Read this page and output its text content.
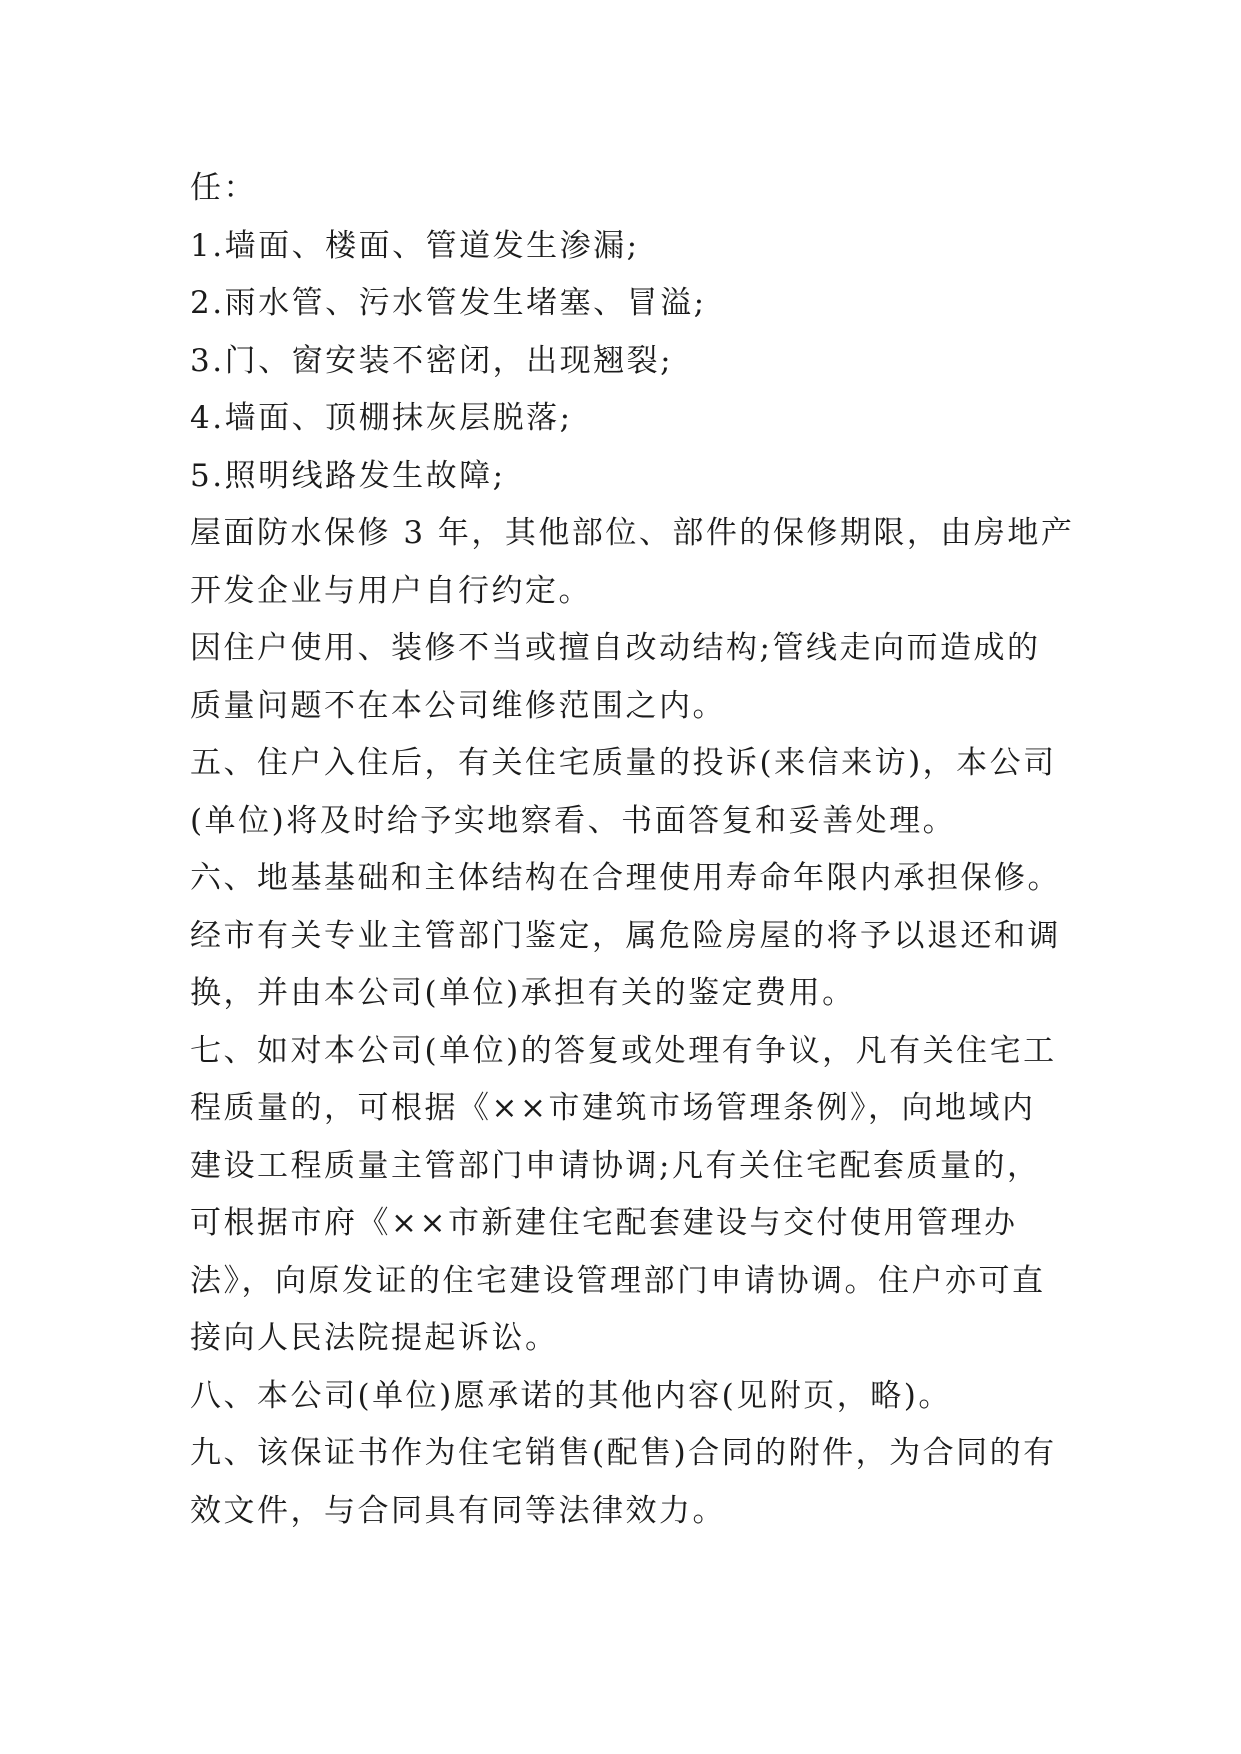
任：
1.墙面、楼面、管道发生渗漏;
2.雨水管、污水管发生堵塞、冒溢;
3.门、窗安装不密闭，出现翘裂;
4.墙面、顶棚抹灰层脱落;
5.照明线路发生故障;
屋面防水保修 3 年，其他部位、部件的保修期限，由房地产
开发企业与用户自行约定。
因住户使用、装修不当或擅自改动结构;管线走向而造成的
质量问题不在本公司维修范围之内。
五、住户入住后，有关住宅质量的投诉(来信来访)，本公司
(单位)将及时给予实地察看、书面答复和妥善处理。
六、地基基础和主体结构在合理使用寿命年限内承担保修。
经市有关专业主管部门鉴定，属危险房屋的将予以退还和调
换，并由本公司(单位)承担有关的鉴定费用。
七、如对本公司(单位)的答复或处理有争议，凡有关住宅工
程质量的，可根据《××市建筑市场管理条例》，向地域内
建设工程质量主管部门申请协调;凡有关住宅配套质量的，
可根据市府《××市新建住宅配套建设与交付使用管理办
法》，向原发证的住宅建设管理部门申请协调。住户亦可直
接向人民法院提起诉讼。
八、本公司(单位)愿承诺的其他内容(见附页，略)。
九、该保证书作为住宅销售(配售)合同的附件，为合同的有
效文件，与合同具有同等法律效力。
